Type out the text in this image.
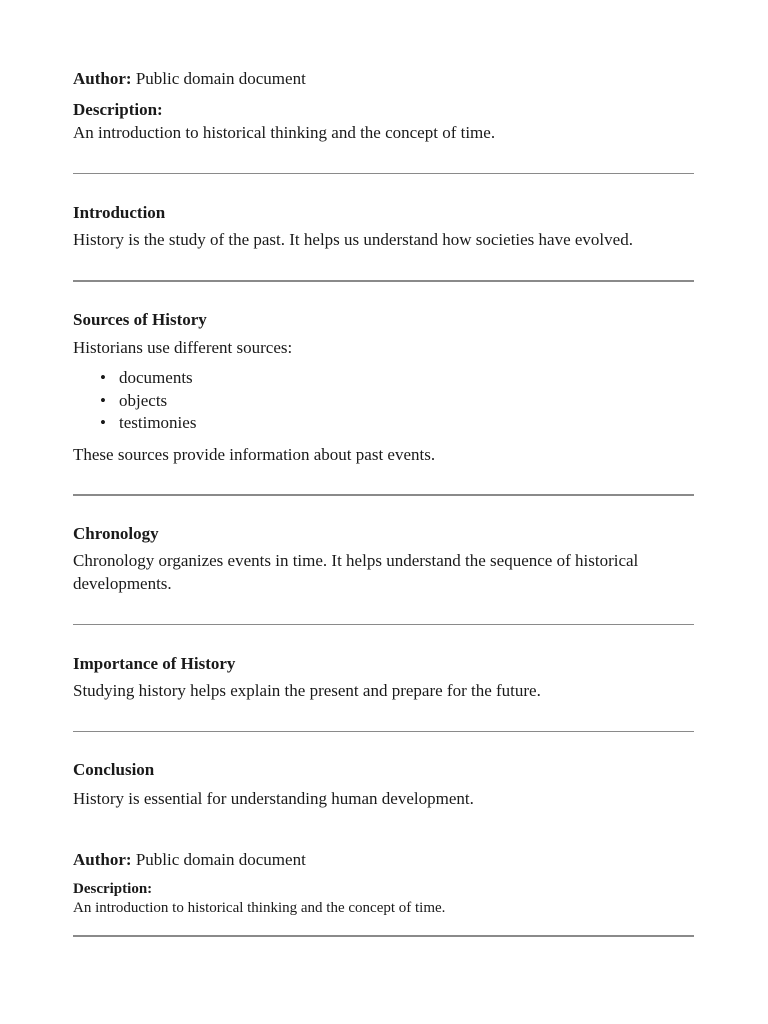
Author: Public domain document

Description:

An introduction to historical thinking and the concept of time.

Introduction

History is the study of the past. It helps us understand how societies have evolved.

Sources of History

Historians use different sources:

• documents
• objects
• testimonies

These sources provide information about past events.

Chronology

Chronology organizes events in time. It helps understand the sequence of historical

developments.

Importance of History

Studying history helps explain the present and prepare for the future.

Conclusion

History is essential for understanding human development.

Author: Public domain document

Description:

An introduction to historical thinking and the concept of time.
